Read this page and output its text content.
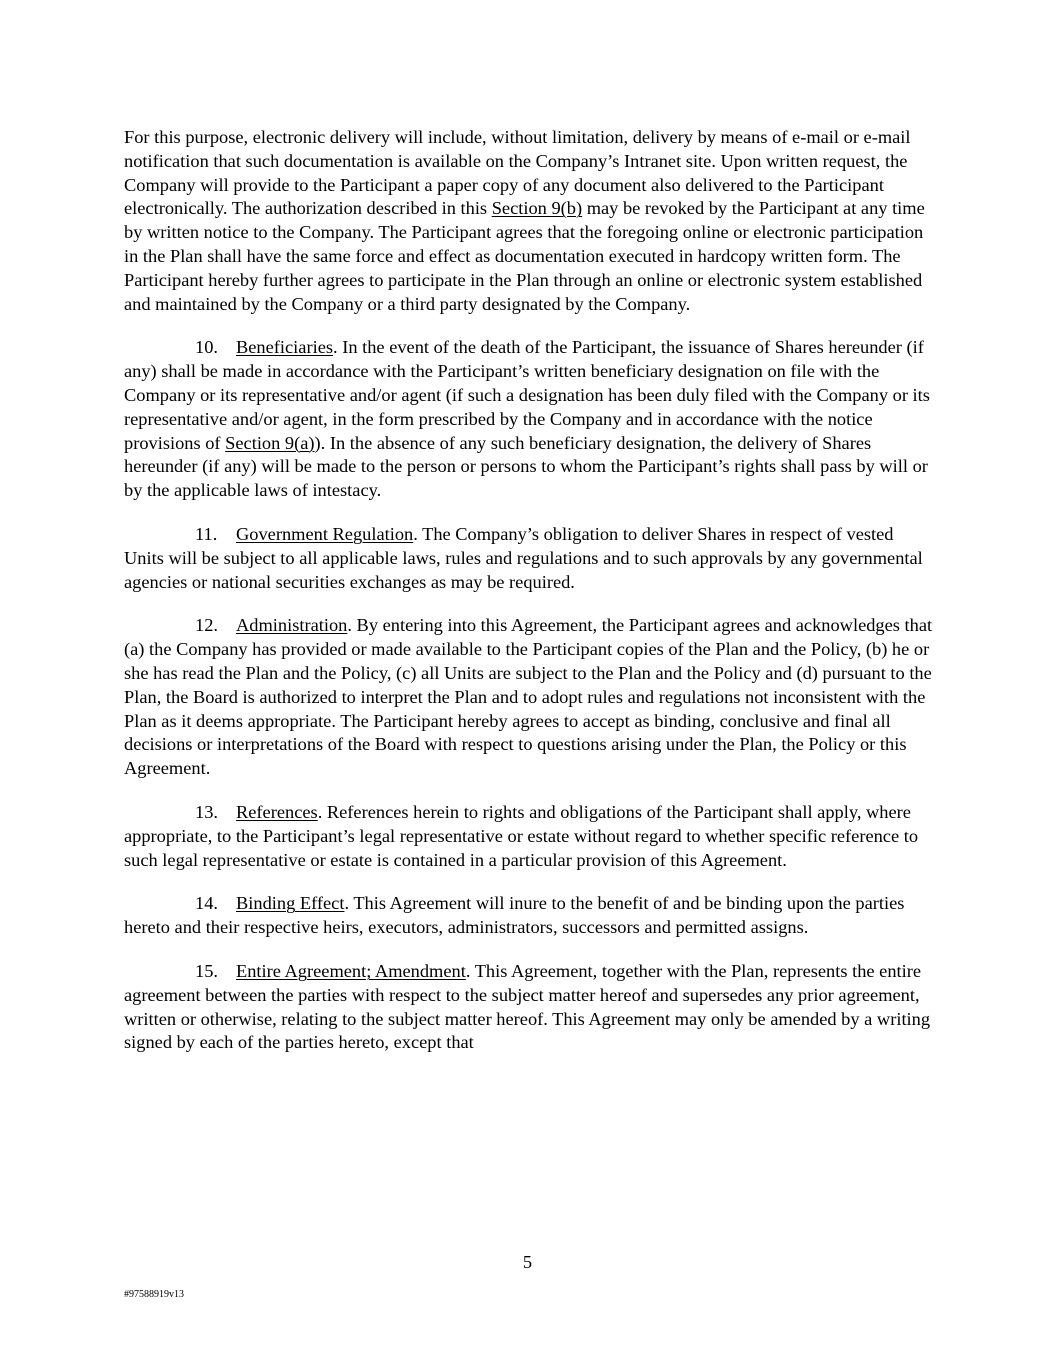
For this purpose, electronic delivery will include, without limitation, delivery by means of e-mail or e-mail notification that such documentation is available on the Company’s Intranet site. Upon written request, the Company will provide to the Participant a paper copy of any document also delivered to the Participant electronically. The authorization described in this Section 9(b) may be revoked by the Participant at any time by written notice to the Company. The Participant agrees that the foregoing online or electronic participation in the Plan shall have the same force and effect as documentation executed in hardcopy written form. The Participant hereby further agrees to participate in the Plan through an online or electronic system established and maintained by the Company or a third party designated by the Company.

10. Beneficiaries. In the event of the death of the Participant, the issuance of Shares hereunder (if any) shall be made in accordance with the Participant’s written beneficiary designation on file with the Company or its representative and/or agent (if such a designation has been duly filed with the Company or its representative and/or agent, in the form prescribed by the Company and in accordance with the notice provisions of Section 9(a)). In the absence of any such beneficiary designation, the delivery of Shares hereunder (if any) will be made to the person or persons to whom the Participant’s rights shall pass by will or by the applicable laws of intestacy.

11. Government Regulation. The Company’s obligation to deliver Shares in respect of vested Units will be subject to all applicable laws, rules and regulations and to such approvals by any governmental agencies or national securities exchanges as may be required.

12. Administration. By entering into this Agreement, the Participant agrees and acknowledges that (a) the Company has provided or made available to the Participant copies of the Plan and the Policy, (b) he or she has read the Plan and the Policy, (c) all Units are subject to the Plan and the Policy and (d) pursuant to the Plan, the Board is authorized to interpret the Plan and to adopt rules and regulations not inconsistent with the Plan as it deems appropriate. The Participant hereby agrees to accept as binding, conclusive and final all decisions or interpretations of the Board with respect to questions arising under the Plan, the Policy or this Agreement.

13. References. References herein to rights and obligations of the Participant shall apply, where appropriate, to the Participant’s legal representative or estate without regard to whether specific reference to such legal representative or estate is contained in a particular provision of this Agreement.

14. Binding Effect. This Agreement will inure to the benefit of and be binding upon the parties hereto and their respective heirs, executors, administrators, successors and permitted assigns.

15. Entire Agreement; Amendment. This Agreement, together with the Plan, represents the entire agreement between the parties with respect to the subject matter hereof and supersedes any prior agreement, written or otherwise, relating to the subject matter hereof. This Agreement may only be amended by a writing signed by each of the parties hereto, except that

5
#97588919v13
